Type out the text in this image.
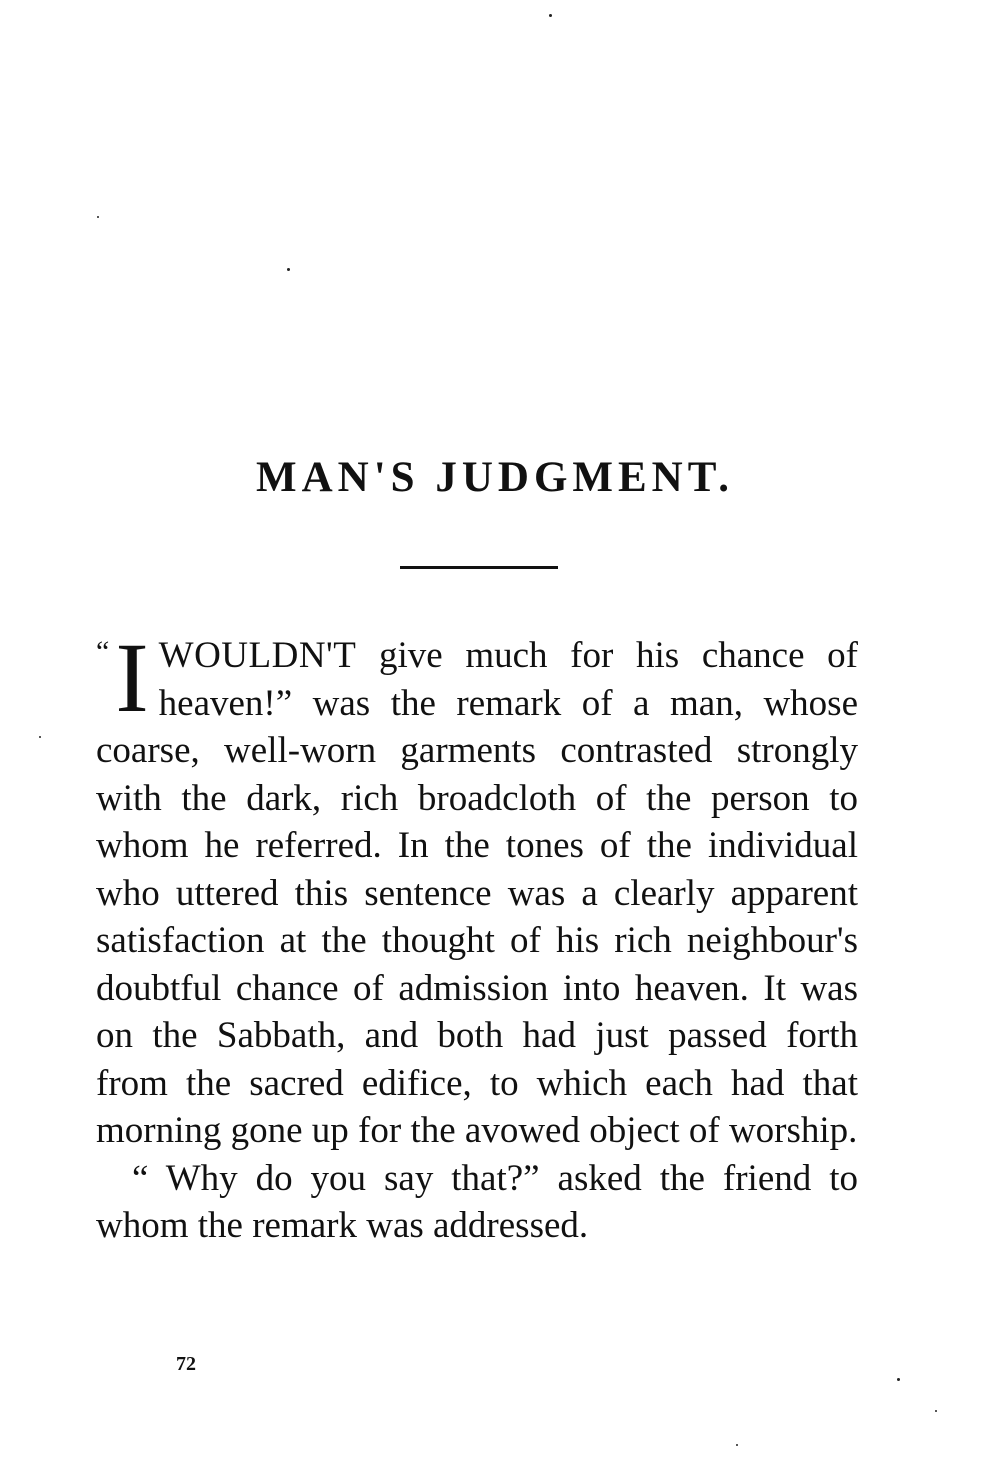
MAN'S JUDGMENT.

“I WOULDN'T give much for his chance of heaven!” was the remark of a man, whose coarse, well-worn garments contrasted strongly with the dark, rich broadcloth of the person to whom he referred. In the tones of the individual who uttered this sentence was a clearly apparent satisfaction at the thought of his rich neighbour's doubtful chance of admission into heaven. It was on the Sabbath, and both had just passed forth from the sacred edifice, to which each had that morning gone up for the avowed object of worship.

“ Why do you say that?” asked the friend to whom the remark was addressed.

72
